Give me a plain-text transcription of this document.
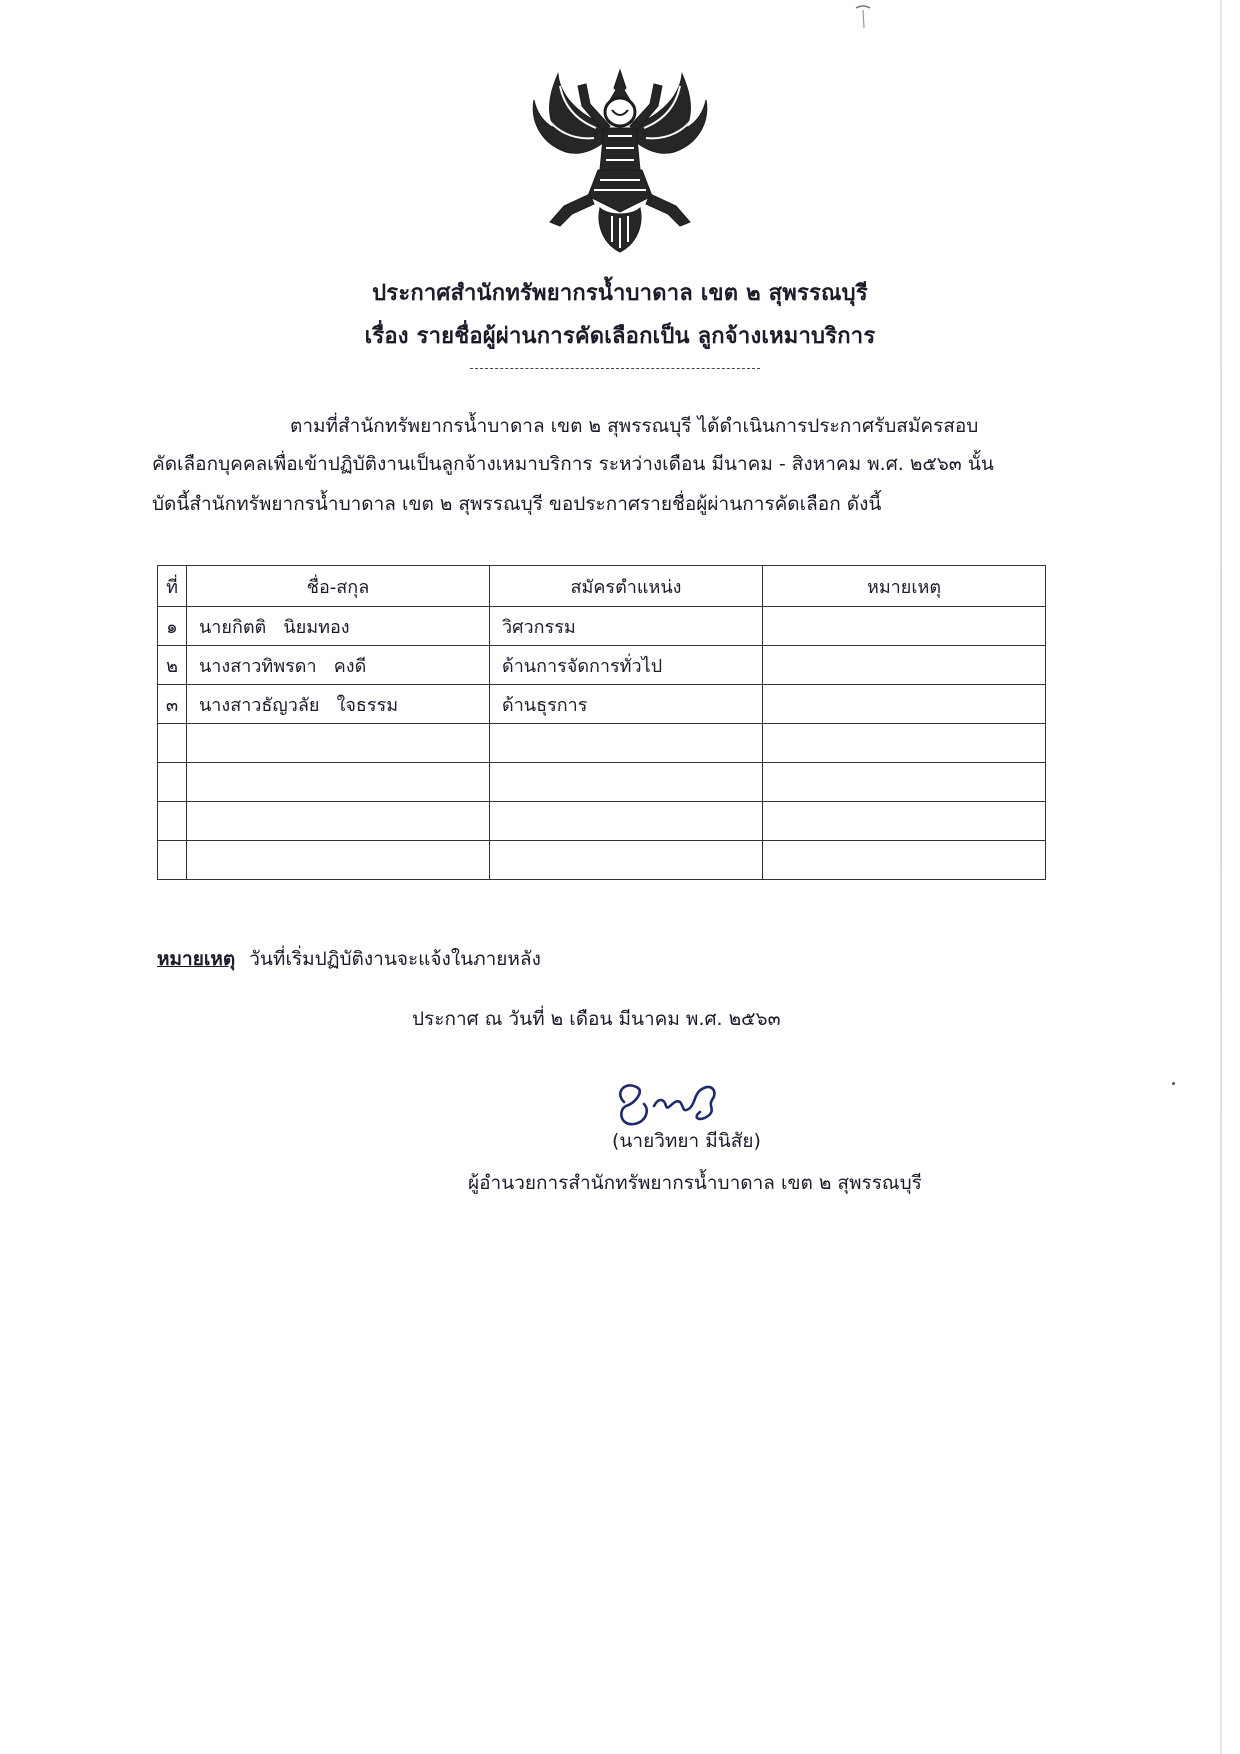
ประกาศสำนักทรัพยากรน้ำบาดาล เขต ๒ สุพรรณบุรี
เรื่อง รายชื่อผู้ผ่านการคัดเลือกเป็น ลูกจ้างเหมาบริการ
ตามที่สำนักทรัพยากรน้ำบาดาล เขต ๒ สุพรรณบุรี ได้ดำเนินการประกาศรับสมัครสอบ
คัดเลือกบุคคลเพื่อเข้าปฏิบัติงานเป็นลูกจ้างเหมาบริการ ระหว่างเดือน มีนาคม - สิงหาคม พ.ศ. ๒๕๖๓ นั้น
บัดนี้สำนักทรัพยากรน้ำบาดาล เขต ๒ สุพรรณบุรี ขอประกาศรายชื่อผู้ผ่านการคัดเลือก ดังนี้
ที่	ชื่อ-สกุล	สมัครตำแหน่ง	หมายเหตุ
๑	นายกิตติ   นิยมทอง	วิศวกรรม	
๒	นางสาวทิพรดา   คงดี	ด้านการจัดการทั่วไป	
๓	นางสาวธัญวลัย   ใจธรรม	ด้านธุรการ	

หมายเหตุ วันที่เริ่มปฏิบัติงานจะแจ้งในภายหลัง
ประกาศ ณ วันที่ ๒ เดือน มีนาคม พ.ศ. ๒๕๖๓
(นายวิทยา มีนิสัย)
ผู้อำนวยการสำนักทรัพยากรน้ำบาดาล เขต ๒ สุพรรณบุรี
